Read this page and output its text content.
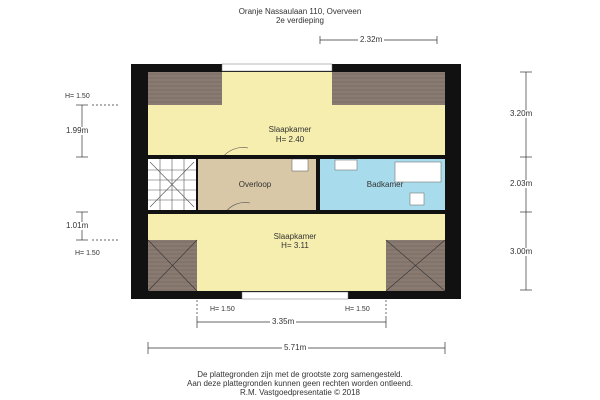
Oranje Nassaulaan 110, Overveen
2e verdieping
Slaapkamer
H= 2.40
Overloop	Badkamer
Slaapkamer
H= 3.11
2.32m
3.20m
2.03m
3.00m
1.99m
1.01m
3.35m
5.71m
H= 1.50
H= 1.50
H= 1.50	H= 1.50
De plattegronden zijn met de grootste zorg samengesteld.
Aan deze plattegronden kunnen geen rechten worden ontleend.
R.M. Vastgoedpresentatie © 2018
